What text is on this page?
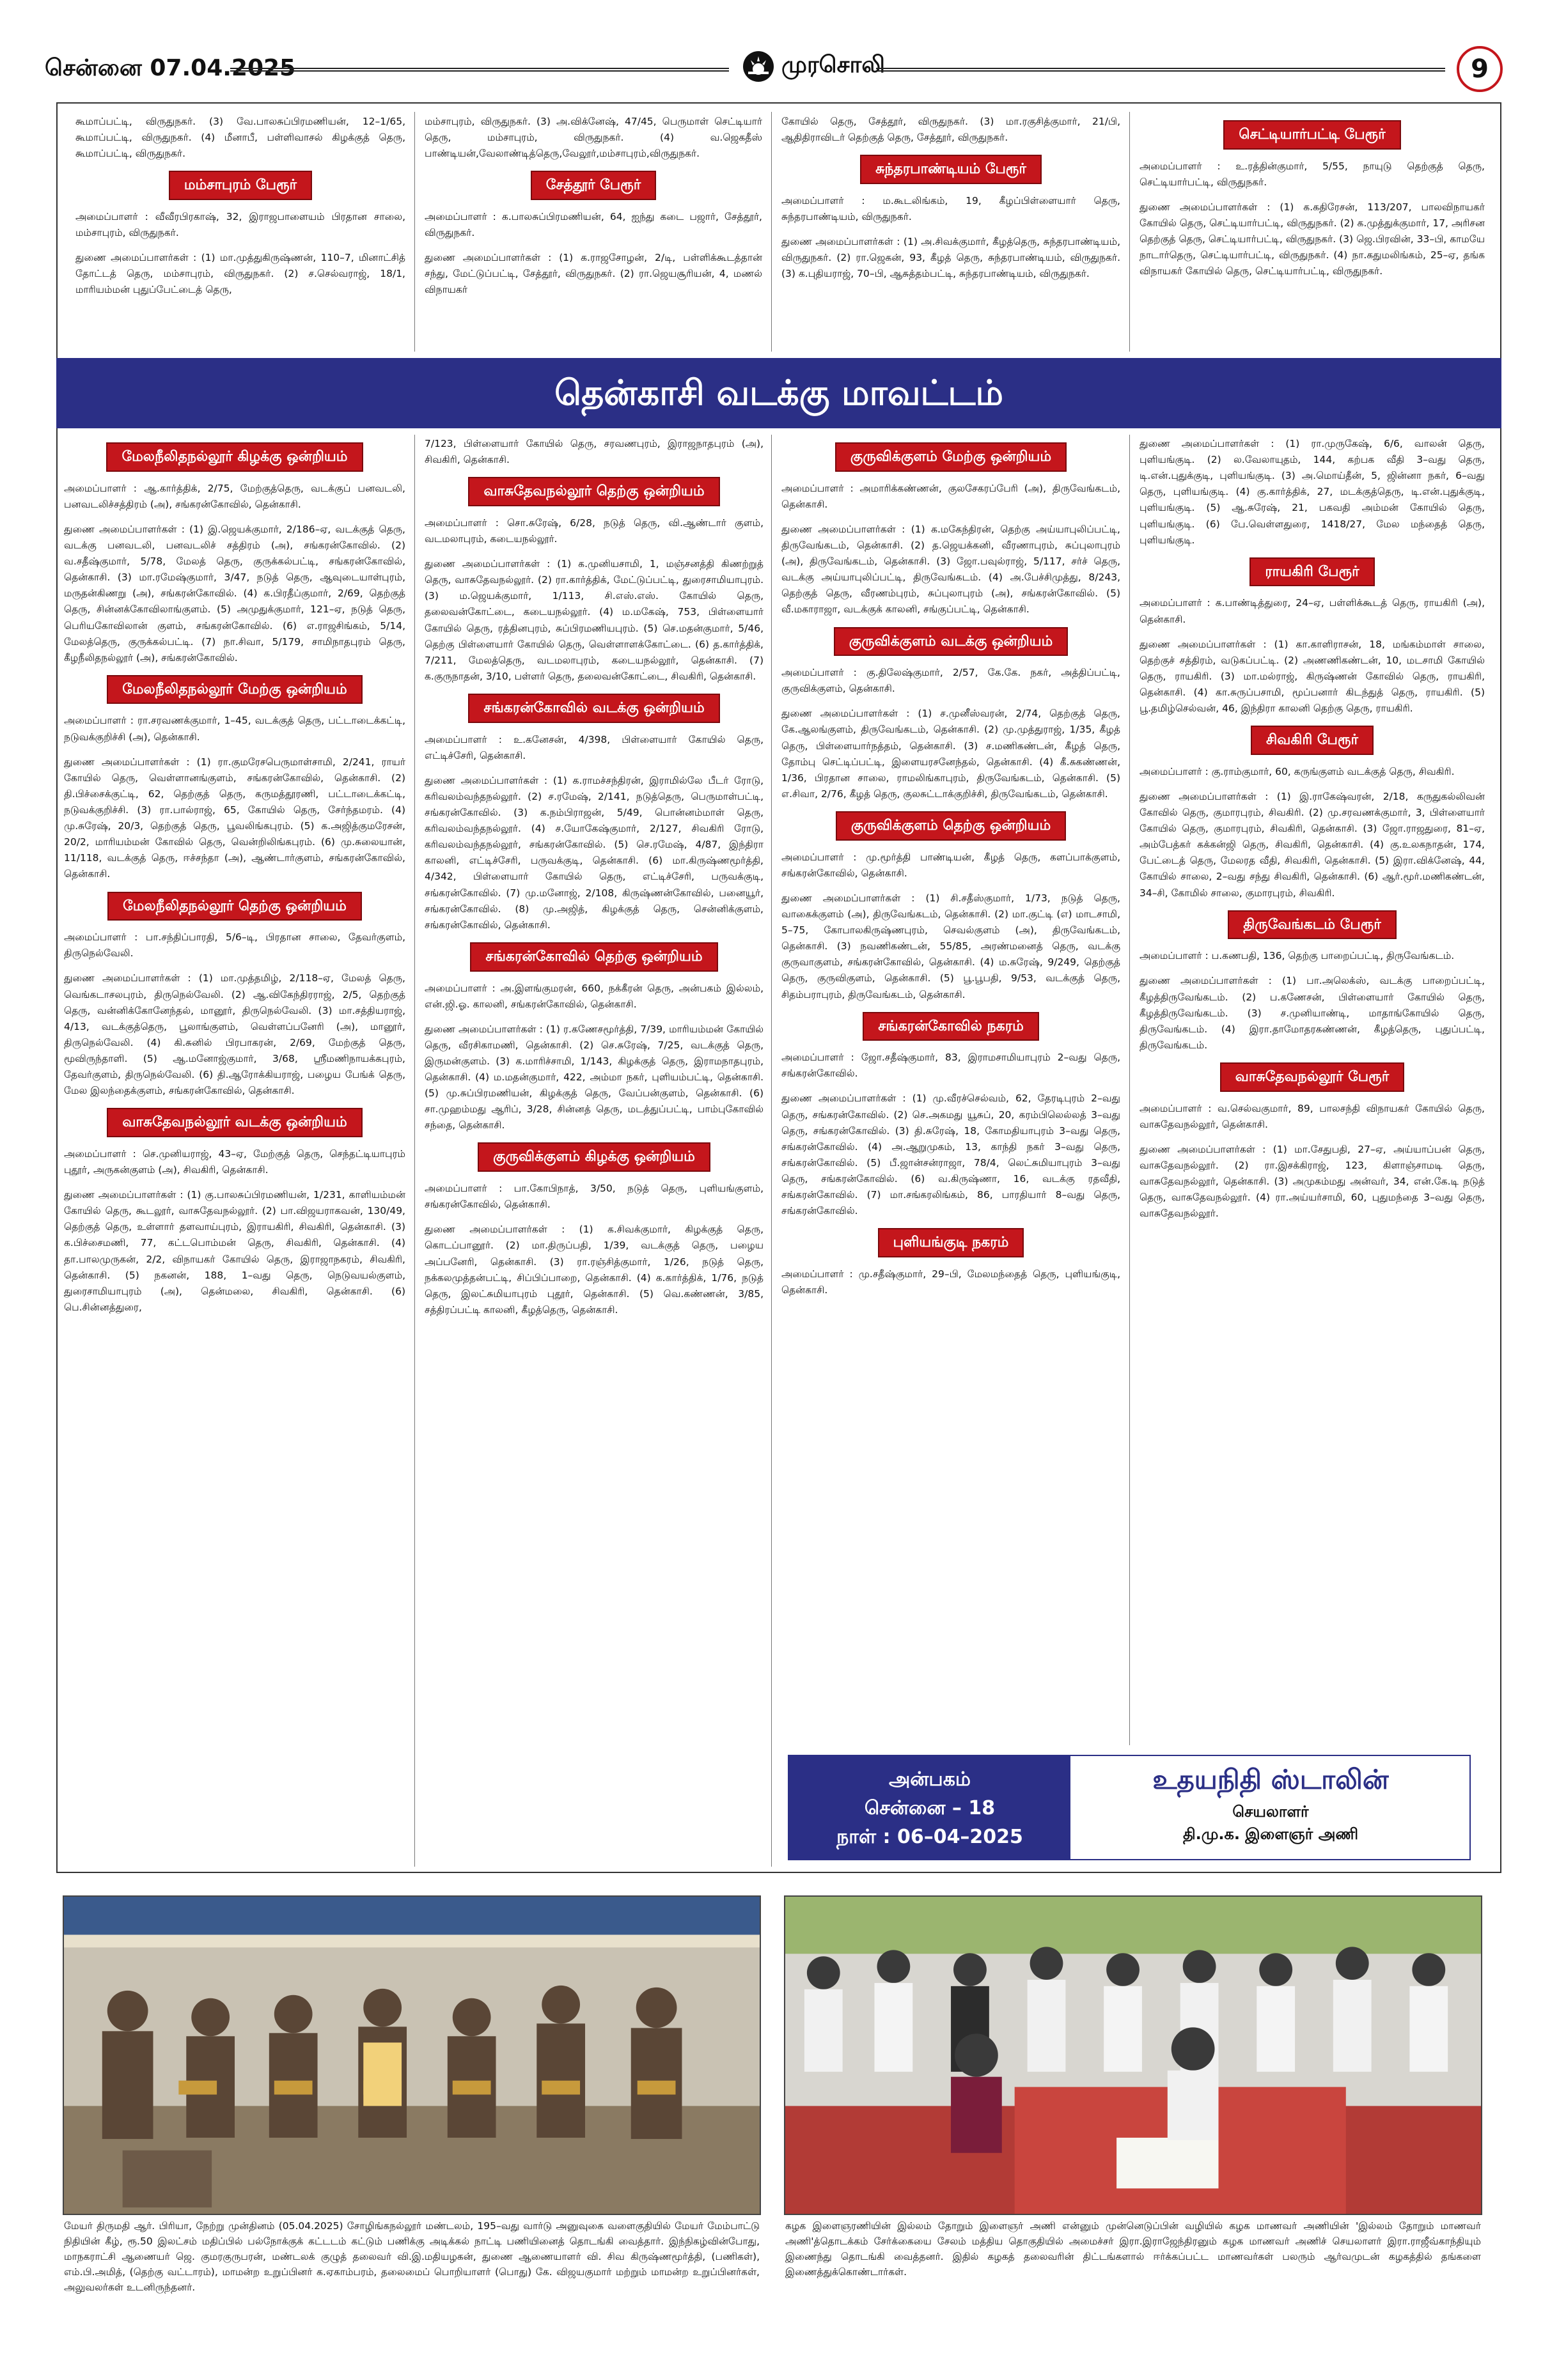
சென்னை 07.04.2025	முரசொலி	9

கூமாப்பட்டி, விருதுநகர். (3) வே.பாலசுப்பிரமணியன், 12–1/65, கூமாப்பட்டி, விருதுநகர். (4) மீனாபீ, பள்ளிவாசல் கிழக்குத் தெரு, கூமாப்பட்டி, விருதுநகர்.

மம்சாபுரம் பேரூர்

அமைப்பாளர் : வீவீரபிரகாஷ், 32, இராஜபாளையம் பிரதான சாலை, மம்சாபுரம், விருதுநகர்.

துணை அமைப்பாளர்கள் : (1) மா.முத்துகிருஷ்ணன், 110–7, மினாட்சித் தோட்டத் தெரு, மம்சாபுரம், விருதுநகர். (2) ச.செல்வராஜ், 18/1, மாரியம்மன் புதுப்பேட்டைத் தெரு,

மம்சாபுரம், விருதுநகர். (3) அ.விக்னேஷ், 47/45, பெருமாள் செட்டியார் தெரு, மம்சாபுரம், விருதுநகர். (4) வ.ஜெகதீஸ் பாண்டியன்,வேலாண்டித்தெரு,வேலூர்,மம்சாபுரம்,விருதுநகர்.

சேத்தூர் பேரூர்

அமைப்பாளர் : க.பாலசுப்பிரமணியன், 64, ஐந்து கடை பஜார், சேத்தூர், விருதுநகர்.

துணை அமைப்பாளர்கள் : (1) க.ராஜசோழன், 2/டி, பள்ளிக்கூடத்தான் சந்து, மேட்டுப்பட்டி, சேத்தூர், விருதுநகர். (2) ரா.ஜெயசூரியன், 4, மணல் விநாயகர்

கோயில் தெரு, சேத்தூர், விருதுநகர். (3) மா.ரகுசித்குமார், 21/பி, ஆதிதிராவிடர் தெற்குத் தெரு, சேத்தூர், விருதுநகர்.

சுந்தரபாண்டியம் பேரூர்

அமைப்பாளர் : ம.கூடலிங்கம், 19, கீழப்பிள்ளையார் தெரு, சுந்தரபாண்டியம், விருதுநகர்.

துணை அமைப்பாளர்கள் : (1) அ.சிவக்குமார், கீழத்தெரு, சுந்தரபாண்டியம், விருதுநகர். (2) ரா.ஜெகன், 93, கீழத் தெரு, சுந்தரபாண்டியம், விருதுநகர். (3) க.புதியராஜ், 70–பி, ஆசுத்தம்பட்டி, சுந்தரபாண்டியம், விருதுநகர்.

செட்டியார்பட்டி பேரூர்

அமைப்பாளர் : உ.ரத்தின்குமார், 5/55, நாயுடு தெற்குத் தெரு, செட்டியார்பட்டி, விருதுநகர்.

துணை அமைப்பாளர்கள் : (1) க.கதிரேசன், 113/207, பாலவிநாயகர் கோயில் தெரு, செட்டியார்பட்டி, விருதுநகர். (2) க.முத்துக்குமார், 17, அரிசன தெற்குத் தெரு, செட்டியார்பட்டி, விருதுநகர். (3) ஜெ.பிரவின், 33–பி, காமயே நாடார்தெரு, செட்டியார்பட்டி, விருதுநகர். (4) நா.கதுமலிங்கம், 25–ஏ, தங்க விநாயகர் கோயில் தெரு, செட்டியார்பட்டி, விருதுநகர்.

தென்காசி வடக்கு மாவட்டம்
மேலநீலிதநல்லூர் கிழக்கு ஒன்றியம்

அமைப்பாளர் : ஆ.கார்த்திக், 2/75, மேற்குத்தெரு, வடக்குப் பனவடலி, பனவடலிச்சத்திரம் (அ), சங்கரன்கோவில், தென்காசி.

துணை அமைப்பாளர்கள் : (1) இ.ஜெயக்குமார், 2/186–ஏ, வடக்குத் தெரு, வடக்கு பனவடலி, பனவடலிச் சத்திரம் (அ), சங்கரன்கோவில். (2) வ.சதீஷ்குமார், 5/78, மேலத் தெரு, குருக்கல்பட்டி, சங்கரன்கோவில், தென்காசி. (3) மா.ரமேஷ்குமார், 3/47, நடுத் தெரு, ஆவுடையாள்புரம், மருதன்கிணறு (அ), சங்கரன்கோவில். (4) க.பிரதீப்குமார், 2/69, தெற்குத் தெரு, சின்னக்கோவிலாங்குளம். (5) அமுதுக்குமார், 121–ஏ, நடுத் தெரு, பெரியகோவிலான் குளம், சங்கரன்கோவில். (6) எ.ராஜசிங்கம், 5/14, மேலத்தெரு, குருக்கல்பட்டி. (7) நா.சிவா, 5/179, சாமிநாதபுரம் தெரு, கீழநீலிதநல்லூர் (அ), சங்கரன்கோவில்.

மேலநீலிதநல்லூர் மேற்கு ஒன்றியம்

அமைப்பாளர் : ரா.சரவணக்குமார், 1–45, வடக்குத் தெரு, பட்டாடைக்கட்டி, நடுவக்குறிச்சி (அ), தென்காசி.

துணை அமைப்பாளர்கள் : (1) ரா.குமரேசபெருமாள்சாமி, 2/241, ராயர் கோயில் தெரு, வெள்ளானங்குளம், சங்கரன்கோவில், தென்காசி. (2) தி.பிச்சைக்குட்டி, 62, தெற்குத் தெரு, கருமத்தூரணி, பட்டாடைக்கட்டி, நடுவக்குறிச்சி. (3) ரா.பால்ராஜ், 65, கோயில் தெரு, சேர்ந்தமரம். (4) மு.சுரேஷ், 20/3, தெற்குத் தெரு, பூவலிங்கபுரம். (5) க.அஜித்குமரேசன், 20/2, மாரியம்மன் கோவில் தெரு, வென்றிலிங்கபுரம். (6) மு.சுலையான், 11/118, வடக்குத் தெரு, ஈச்சந்தா (அ), ஆண்டார்குளம், சங்கரன்கோவில், தென்காசி.

மேலநீலிதநல்லூர் தெற்கு ஒன்றியம்

அமைப்பாளர் : பா.சந்திப்பாரதி, 5/6–டி, பிரதான சாலை, தேவர்குளம், திருநெல்வேலி.

துணை அமைப்பாளர்கள் : (1) மா.முத்தமிழ், 2/118–ஏ, மேலத் தெரு, வெங்கடாசலபுரம், திருநெல்வேலி. (2) ஆ.விகேந்திரராஜ், 2/5, தெற்குத் தெரு, வன்னிக்கோனேந்தல், மானூர், திருநெல்வேலி. (3) மா.சத்தியராஜ், 4/13, வடக்குத்தெரு, பூலாங்குளம், வெள்ளப்பனேரி (அ), மானூர், திருநெல்வேலி. (4) கி.சுனில் பிரபாகரன், 2/69, மேற்குத் தெரு, மூவிருந்தாளி. (5) ஆ.மனோஜ்குமார், 3/68, ஸ்ரீமணிநாயக்கபுரம், தேவர்குளம், திருநெல்வேலி. (6) தி.ஆரோக்கியராஜ், பழைய பேங்க் தெரு, மேல இலந்தைக்குளம், சங்கரன்கோவில், தென்காசி.

வாசுதேவநல்லூர் வடக்கு ஒன்றியம்

அமைப்பாளர் : செ.முனியராஜ், 43–ஏ, மேற்குத் தெரு, செந்தட்டியாபுரம் புதூர், அருகன்குளம் (அ), சிவகிரி, தென்காசி.

துணை அமைப்பாளர்கள் : (1) கு.பாலசுப்பிரமணியன், 1/231, காளியம்மன் கோயில் தெரு, கூடலூர், வாசுதேவநல்லூர். (2) பா.விஜயராகவன், 130/49, தெற்குத் தெரு, உள்ளார் தளவாய்புரம், இராயகிரி, சிவகிரி, தென்காசி. (3) க.பிச்சைமணி, 77, கட்டபொம்மன் தெரு, சிவகிரி, தென்காசி. (4) தா.பாலமுருகன், 2/2, விநாயகர் கோயில் தெரு, இராஜாநகரம், சிவகிரி, தென்காசி. (5) நகனன், 188, 1–வது தெரு, நெடுவயல்குளம், துரைசாமியாபுரம் (அ), தென்மலை, சிவகிரி, தென்காசி. (6) பெ.சின்னத்துரை,

7/123, பிள்ளையார் கோயில் தெரு, சரவணபுரம், இராஜநாதபுரம் (அ), சிவகிரி, தென்காசி.

வாசுதேவநல்லூர் தெற்கு ஒன்றியம்

அமைப்பாளர் : சொ.சுரேஷ், 6/28, நடுத் தெரு, வி.ஆண்டார் குளம், வடமலாபுரம், கடையநல்லூர்.

துணை அமைப்பாளர்கள் : (1) க.முனியசாமி, 1, மஞ்சனத்தி கிணற்றுத் தெரு, வாசுதேவநல்லூர். (2) ரா.கார்த்திக், மேட்டுப்பட்டி, துரைசாமியாபுரம். (3) ம.ஜெயக்குமார், 1/113, சி.எஸ்.எஸ். கோயில் தெரு, தலைவன்கோட்டை, கடையநல்லூர். (4) ம.மகேஷ், 753, பிள்ளையார் கோயில் தெரு, ரத்தினபுரம், சுப்பிரமணியபுரம். (5) செ.மதன்குமார், 5/46, தெற்கு பிள்ளையார் கோயில் தெரு, வெள்ளாளக்கோட்டை. (6) த.கார்த்திக், 7/211, மேலத்தெரு, வடமலாபுரம், கடையநல்லூர், தென்காசி. (7) க.குருநாதன், 3/10, பள்ளர் தெரு, தலைவன்கோட்டை, சிவகிரி, தென்காசி.

சங்கரன்கோவில் வடக்கு ஒன்றியம்

அமைப்பாளர் : உ.கனேசன், 4/398, பிள்ளையார் கோயில் தெரு, எட்டிச்சேரி, தென்காசி.

துணை அமைப்பாளர்கள் : (1) க.ராமச்சந்திரன், இராமில்லே பீடர் ரோடு, கரிவலம்வந்தநல்லூர். (2) ச.ரமேஷ், 2/141, நடுத்தெரு, பெருமாள்பட்டி, சங்கரன்கோவில். (3) க.நம்பிராஜன், 5/49, பொன்னம்மாள் தெரு, கரிவலம்வந்தநல்லூர். (4) ச.யோகேஷ்குமார், 2/127, சிவகிரி ரோடு, கரிவலம்வந்தநல்லூர், சங்கரன்கோவில். (5) செ.ரமேஷ், 4/87, இந்திரா காலனி, எட்டிச்சேரி, பருவக்குடி, தென்காசி. (6) மா.கிருஷ்ணமூர்த்தி, 4/342, பிள்ளையார் கோயில் தெரு, எட்டிச்சேரி, பருவக்குடி, சங்கரன்கோவில். (7) மு.மனோஜ், 2/108, கிருஷ்ணன்கோவில், பனையூர், சங்கரன்கோவில். (8) மு.அஜித், கிழக்குத் தெரு, சென்னிக்குளம், சங்கரன்கோவில், தென்காசி.

சங்கரன்கோவில் தெற்கு ஒன்றியம்

அமைப்பாளர் : அ.இளங்குமரன், 660, நக்கீரன் தெரு, அன்பகம் இல்லம், என்.ஜி.ஓ. காலனி, சங்கரன்கோவில், தென்காசி.

துணை அமைப்பாளர்கள் : (1) ர.கணேசமூர்த்தி, 7/39, மாரியம்மன் கோயில் தெரு, வீரசிகாமணி, தென்காசி. (2) செ.சுரேஷ், 7/25, வடக்குத் தெரு, இருமன்குளம். (3) க.மாரிச்சாமி, 1/143, கிழக்குத் தெரு, இராமநாதபுரம், தென்காசி. (4) ம.மதன்குமார், 422, அம்மா நகர், புளியம்பட்டி, தென்காசி. (5) மு.சுப்பிரமணியன், கிழக்குத் தெரு, வேப்பன்குளம், தென்காசி. (6) சா.முஹம்மது ஆரிப், 3/28, சின்னத் தெரு, மடத்துப்பட்டி, பாம்புகோவில் சந்தை, தென்காசி.

குருவிக்குளம் கிழக்கு ஒன்றியம்

அமைப்பாளர் : பா.கோபிநாத், 3/50, நடுத் தெரு, புளியங்குளம், சங்கரன்கோவில், தென்காசி.

துணை அமைப்பாளர்கள் : (1) க.சிவக்குமார், கிழக்குத் தெரு, கொடப்பானூர். (2) மா.திருப்பதி, 1/39, வடக்குத் தெரு, பழைய அப்பனேரி, தென்காசி. (3) ரா.ரஞ்சித்குமார், 1/26, நடுத் தெரு, நக்கலமுத்தன்பட்டி, சிப்பிப்பாறை, தென்காசி. (4) க.கார்த்திக், 1/76, நடுத் தெரு, இலட்சுமியாபுரம் புதூர், தென்காசி. (5) வெ.கண்ணன், 3/85, சத்திரப்பட்டி காலனி, கீழத்தெரு, தென்காசி.

குருவிக்குளம் மேற்கு ஒன்றியம்

அமைப்பாளர் : அமாரிக்கண்ணன், குலசேகரப்பேரி (அ), திருவேங்கடம், தென்காசி.

துணை அமைப்பாளர்கள் : (1) க.மகேந்திரன், தெற்கு அய்யாபுலிப்பட்டி, திருவேங்கடம், தென்காசி. (2) த.ஜெயக்கனி, வீரணாபுரம், சுப்புலாபுரம் (அ), திருவேங்கடம், தென்காசி. (3) ஜோ.பவுல்ராஜ், 5/117, சர்ச் தெரு, வடக்கு அய்யாபுலிப்பட்டி, திருவேங்கடம். (4) அ.பேச்சிமுத்து, 8/243, தெற்குத் தெரு, வீரணம்புரம், சுப்புலாபுரம் (அ), சங்கரன்கோவில். (5) வீ.மகாராஜா, வடக்குக் காலனி, சங்குப்பட்டி, தென்காசி.

குருவிக்குளம் வடக்கு ஒன்றியம்

அமைப்பாளர் : கு.திலேஷ்குமார், 2/57, கே.கே. நகர், அத்திப்பட்டி, குருவிக்குளம், தென்காசி.

துணை அமைப்பாளர்கள் : (1) ச.முனீஸ்வரன், 2/74, தெற்குத் தெரு, கே.ஆலங்குளம், திருவேங்கடம், தென்காசி. (2) மு.முத்துராஜ், 1/35, கீழத் தெரு, பிள்ளையார்நத்தம், தென்காசி. (3) ச.மணிகண்டன், கீழத் தெரு, தோம்பு செட்டிப்பட்டி, இளையரசனேந்தல், தென்காசி. (4) கீ.சுகண்ணன், 1/36, பிரதான சாலை, ராமலிங்காபுரம், திருவேங்கடம், தென்காசி. (5) எ.சிவா, 2/76, கீழத் தெரு, குலசுட்டாக்குறிச்சி, திருவேங்கடம், தென்காசி.

குருவிக்குளம் தெற்கு ஒன்றியம்

அமைப்பாளர் : மு.மூர்த்தி பாண்டியன், கீழத் தெரு, களப்பாக்குளம், சங்கரன்கோவில், தென்காசி.

துணை அமைப்பாளர்கள் : (1) சி.சதீஸ்குமார், 1/73, நடுத் தெரு, வாகைக்குளம் (அ), திருவேங்கடம், தென்காசி. (2) மா.குட்டி (எ) மாடசாமி, 5–75, கோபாலகிருஷ்ணபுரம், செவல்குளம் (அ), திருவேங்கடம், தென்காசி. (3) நவணிகண்டன், 55/85, அரண்மனைத் தெரு, வடக்கு குருவாகுளம், சங்கரன்கோவில், தென்காசி. (4) ம.சுரேஷ், 9/249, தெற்குத் தெரு, குருவிகுளம், தென்காசி. (5) பூ.பூபதி, 9/53, வடக்குத் தெரு, சிதம்பராபுரம், திருவேங்கடம், தென்காசி.

சங்கரன்கோவில் நகரம்

அமைப்பாளர் : ஜோ.சதீஷ்குமார், 83, இராமசாமியாபுரம் 2–வது தெரு, சங்கரன்கோவில்.

துணை அமைப்பாளர்கள் : (1) மு.வீரச்செல்வம், 62, தேரடிபுரம் 2–வது தெரு, சங்கரன்கோவில். (2) செ.அகமது யூசுப், 20, கரம்பிலெல்லத் 3–வது தெரு, சங்கரன்கோவில். (3) தி.சுரேஷ், 18, கோமதியாபுரம் 3–வது தெரு, சங்கரன்கோவில். (4) அ.ஆறுமுகம், 13, காந்தி நகர் 3–வது தெரு, சங்கரன்கோவில். (5) பீ.ஜான்சன்ராஜா, 78/4, லெட்சுமியாபுரம் 3–வது தெரு, சங்கரன்கோவில். (6) வ.கிருஷ்ணா, 16, வடக்கு ரதவீதி, சங்கரன்கோவில். (7) மா.சங்கரலிங்கம், 86, பாரதியார் 8–வது தெரு, சங்கரன்கோவில்.

புளியங்குடி நகரம்

அமைப்பாளர் : மு.சதீஷ்குமார், 29–பி, மேலமந்தைத் தெரு, புளியங்குடி, தென்காசி.

துணை அமைப்பாளர்கள் : (1) ரா.முருகேஷ், 6/6, வாலன் தெரு, புளியங்குடி. (2) ல.வேலாயுதம், 144, கற்பக வீதி 3–வது தெரு, டி.என்.புதுக்குடி, புளியங்குடி. (3) அ.மொய்தீன், 5, ஜின்னா நகர், 6–வது தெரு, புளியங்குடி. (4) கு.கார்த்திக், 27, மடக்குத்தெரு, டி.என்.புதுக்குடி, புளியங்குடி. (5) ஆ.சுரேஷ், 21, பகவதி அம்மன் கோயில் தெரு, புளியங்குடி. (6) பே.வெள்ளதுரை, 1418/27, மேல மந்தைத் தெரு, புளியங்குடி.

ராயகிரி பேரூர்

அமைப்பாளர் : க.பாண்டித்துரை, 24–ஏ, பள்ளிக்கூடத் தெரு, ராயகிரி (அ), தென்காசி.

துணை அமைப்பாளர்கள் : (1) கா.காளிராசன், 18, மங்கம்மாள் சாலை, தெற்குச் சத்திரம், வடுகப்பட்டி. (2) அணணிகண்டன், 10, மடசாமி கோயில் தெரு, ராயகிரி. (3) மா.மல்ராஜ், கிருஷ்ணன் கோவில் தெரு, ராயகிரி, தென்காசி. (4) கா.சுருப்பசாமி, மூப்பனார் கிடந்துத் தெரு, ராயகிரி. (5) பூ.தமிழ்செல்வன், 46, இந்திரா காலனி தெற்கு தெரு, ராயகிரி.

சிவகிரி பேரூர்

அமைப்பாளர் : கு.ராம்குமார், 60, கருங்குளம் வடக்குத் தெரு, சிவகிரி.

துணை அமைப்பாளர்கள் : (1) இ.ராகேஷ்வரன், 2/18, கருதுகல்லிவன் கோவில் தெரு, குமாரபுரம், சிவகிரி. (2) மு.சரவணக்குமார், 3, பிள்ளையார் கோயில் தெரு, குமாரபுரம், சிவகிரி, தென்காசி. (3) ஜோ.ராஜதுரை, 81–ஏ, அம்பேத்கர் கக்கன்ஜி தெரு, சிவகிரி, தென்காசி. (4) கு.உலகநாதன், 174, பேட்டைத் தெரு, மேலரத வீதி, சிவகிரி, தென்காசி. (5) இரா.விக்னேஷ், 44, கோயில் சாலை, 2–வது சந்து சிவகிரி, தென்காசி. (6) ஆர்.மூர்.மணிகண்டன், 34–சி, கோமில் சாலை, குமாரபுரம், சிவகிரி.

திருவேங்கடம் பேரூர்

அமைப்பாளர் : ப.கணபதி, 136, தெற்கு பாறைப்பட்டி, திருவேங்கடம்.

துணை அமைப்பாளர்கள் : (1) பா.அலெக்ஸ், வடக்கு பாறைப்பட்டி, கீழத்திருவேங்கடம். (2) ப.கணேசன், பிள்ளையார் கோயில் தெரு, கீழத்திருவேங்கடம். (3) ச.முனியாண்டி, மாதாங்கோயில் தெரு, திருவேங்கடம். (4) இரா.தாமோதரகண்ணன், கீழத்தெரு, புதுப்பட்டி, திருவேங்கடம்.

வாசுதேவநல்லூர் பேரூர்

அமைப்பாளர் : வ.செல்வகுமார், 89, பாலசந்தி விநாயகர் கோயில் தெரு, வாசுதேவநல்லூர், தென்காசி.

துணை அமைப்பாளர்கள் : (1) மா.சேதுபதி, 27–ஏ, அய்யாப்பன் தெரு, வாசுதேவநல்லூர். (2) ரா.இசக்கிராஜ், 123, கிளாஞ்சாமடி தெரு, வாசுதேவநல்லூர், தென்காசி. (3) அமுகம்மது அன்வர், 34, என்.கே.டி நடுத் தெரு, வாசுதேவநல்லூர். (4) ரா.அய்யர்சாமி, 60, புதுமந்தை 3–வது தெரு, வாசுதேவநல்லூர்.

அன்பகம்
சென்னை – 18
நாள் : 06–04–2025
உதயநிதி ஸ்டாலின்
செயலாளர்
தி.மு.க. இளைஞர் அணி
மேயர் திருமதி ஆர். பிரியா, நேற்று முன்தினம் (05.04.2025) சோழிங்கநல்லூர் மண்டலம், 195–வது வார்டு அனுவுகை வளைகுதியில் மேயர் மேம்பாட்டு நிதியின் கீழ், ரூ.50 இலட்சம் மதிப்பில் பல்நோக்குக் கட்டடம் கட்டும் பணிக்கு அடிக்கல் நாட்டி பணியினைத் தொடங்கி வைத்தார். இந்நிகழ்வின்போது, மாநகராட்சி ஆணையர் ஜெ. குமரகுருபரன், மண்டலக் குழுத் தலைவர் வி.இ.மதியழகன், துணை ஆணையாளர் வி. சிவ கிருஷ்ணமூர்த்தி, (பணிகள்), எம்.பி.அமித், (தெற்கு வட்டாரம்), மாமன்ற உறுப்பினர் க.ஏகாம்பரம், தலைமைப் பொறியாளர் (பொது) கே. விஜயகுமார் மற்றும் மாமன்ற உறுப்பினர்கள், அலுவலர்கள் உடனிருந்தனர்.
கழக இளைஞரணியின் இல்லம் தோறும் இளைஞர் அணி என்னும் முன்னெடுப்பின் வழியில் கழக மாணவர் அணியின் 'இல்லம் தோறும் மாணவர் அணி'த்தொடக்கம் சேர்க்கையை சேலம் மத்திய தொகுதியில் அமைச்சர் இரா.இராஜேந்திரனும் கழக மாணவர் அணிச் செயலாளர் இரா.ராஜீவ்காந்தியும் இணைந்து தொடங்கி வைத்தனர். இதில் கழகத் தலைவரின் திட்டங்களால் ஈர்க்கப்பட்ட மாணவர்கள் பலரும் ஆர்வமுடன் கழகத்தில் தங்களை இணைத்துக்கொண்டார்கள்.
